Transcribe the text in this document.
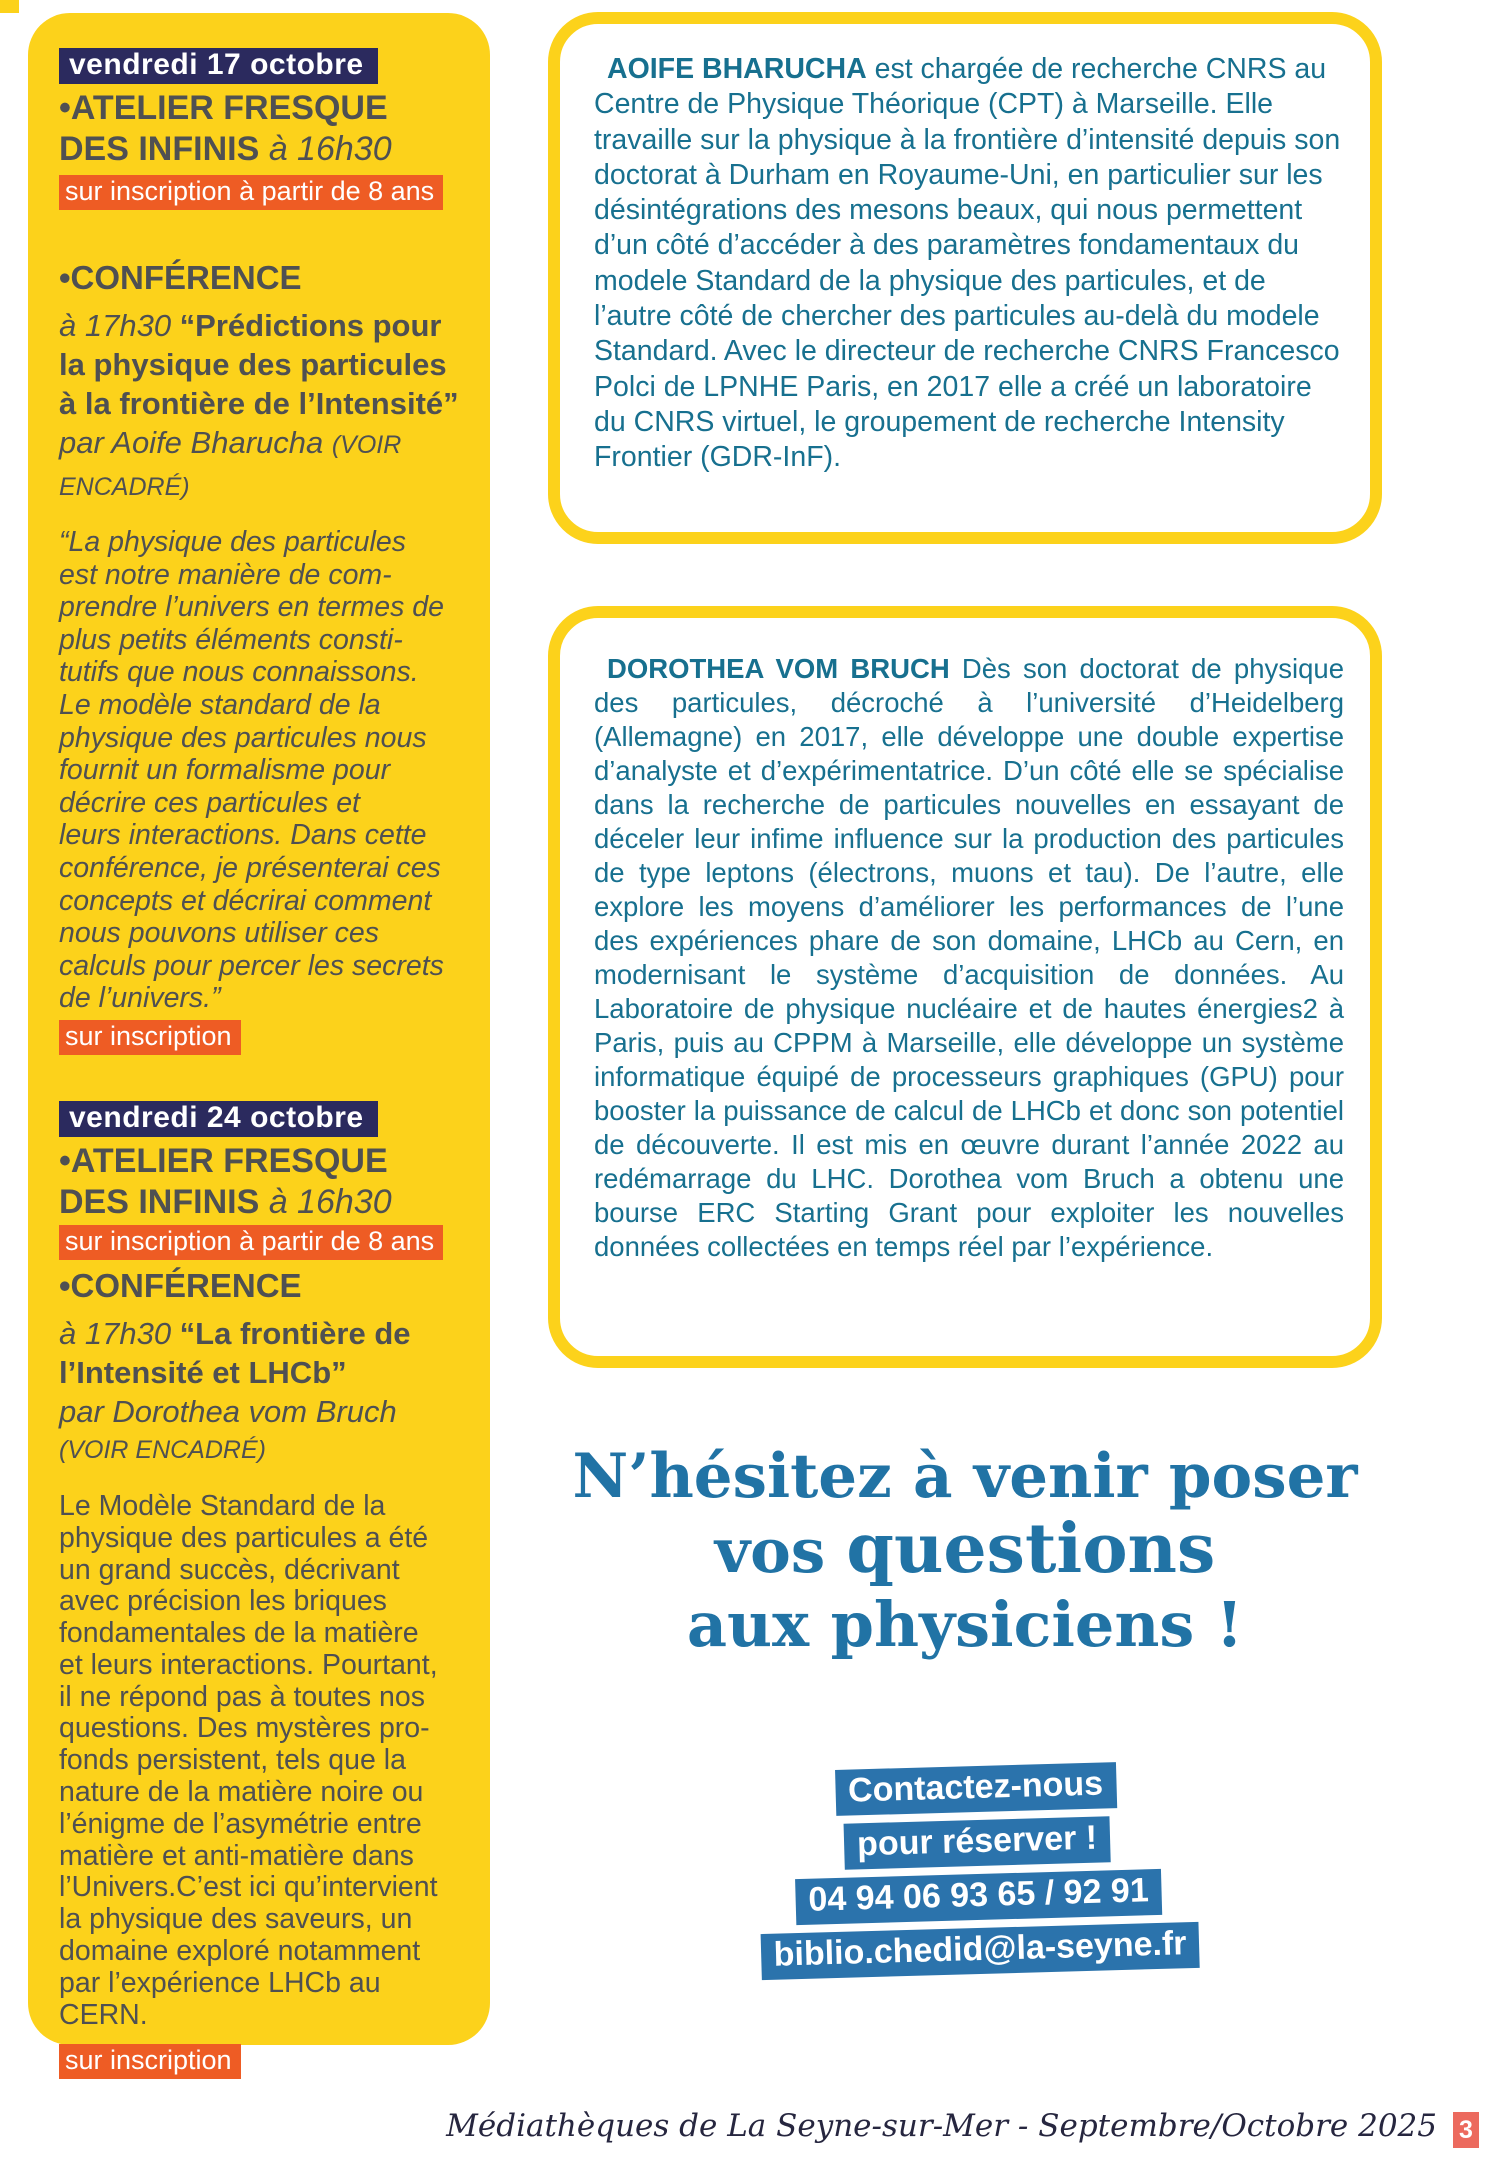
vendredi 17 octobre
•ATELIER FRESQUE DES INFINIS à 16h30
sur inscription à partir de 8 ans
•CONFÉRENCE
à 17h30 “Prédictions pour la physique des particules à la frontière de l’Intensité” par Aoife Bharucha (VOIR ENCADRÉ)
“La physique des particules
est notre manière de com-
prendre l’univers en termes de
plus petits éléments consti-
tutifs que nous connaissons.
Le modèle standard de la
physique des particules nous
fournit un formalisme pour
décrire ces particules et
leurs interactions. Dans cette
conférence, je présenterai ces
concepts et décrirai comment
nous pouvons utiliser ces
calculs pour percer les secrets
de l’univers.”
sur inscription
vendredi 24 octobre
•ATELIER FRESQUE DES INFINIS à 16h30
sur inscription à partir de 8 ans
•CONFÉRENCE
à 17h30 “La frontière de l’Intensité et LHCb”
par Dorothea vom Bruch
(VOIR ENCADRÉ)
Le Modèle Standard de la
physique des particules a été
un grand succès, décrivant
avec précision les briques
fondamentales de la matière
et leurs interactions. Pourtant,
il ne répond pas à toutes nos
questions. Des mystères pro-
fonds persistent, tels que la
nature de la matière noire ou
l’énigme de l’asymétrie entre
matière et anti-matière dans
l’Univers.C’est ici qu’intervient
la physique des saveurs, un
domaine exploré notamment
par l’expérience LHCb au
CERN.
sur inscription

AOIFE BHARUCHA est chargée de recherche CNRS au Centre de Physique Théorique (CPT) à Marseille. Elle travaille sur la physique à la frontière d’intensité depuis son doctorat à Durham en Royaume-Uni, en particulier sur les désintégrations des mesons beaux, qui nous permettent d’un côté d’accéder à des paramètres fondamentaux du modele Standard de la physique des particules, et de l’autre côté de chercher des particules au-delà du modele Standard. Avec le directeur de recherche CNRS Francesco Polci de LPNHE Paris, en 2017 elle a créé un laboratoire du CNRS virtuel, le groupement de recherche Intensity Frontier (GDR-InF).

DOROTHEA VOM BRUCH Dès son doctorat de physique des particules, décroché à l’université d’Heidelberg (Allemagne) en 2017, elle développe une double expertise d’analyste et d’expérimentatrice. D’un côté elle se spécialise dans la recherche de particules nouvelles en essayant de déceler leur infime influence sur la production des particules de type leptons (électrons, muons et tau). De l’autre, elle explore les moyens d’améliorer les performances de l’une des expériences phare de son domaine, LHCb au Cern, en modernisant le système d’acquisition de données. Au Laboratoire de physique nucléaire et de hautes énergies2 à Paris, puis au CPPM à Marseille, elle développe un système informatique équipé de processeurs graphiques (GPU) pour booster la puissance de calcul de LHCb et donc son potentiel de découverte. Il est mis en œuvre durant l’année 2022 au redémarrage du LHC. Dorothea vom Bruch a obtenu une bourse ERC Starting Grant pour exploiter les nouvelles données collectées en temps réel par l’expérience.

N’hésitez à venir poser
vos questions
aux physiciens !
Contactez-nous
pour réserver !
04 94 06 93 65 / 92 91
biblio.chedid@la-seyne.fr
Médiathèques de La Seyne-sur-Mer - Septembre/Octobre 2025 3
